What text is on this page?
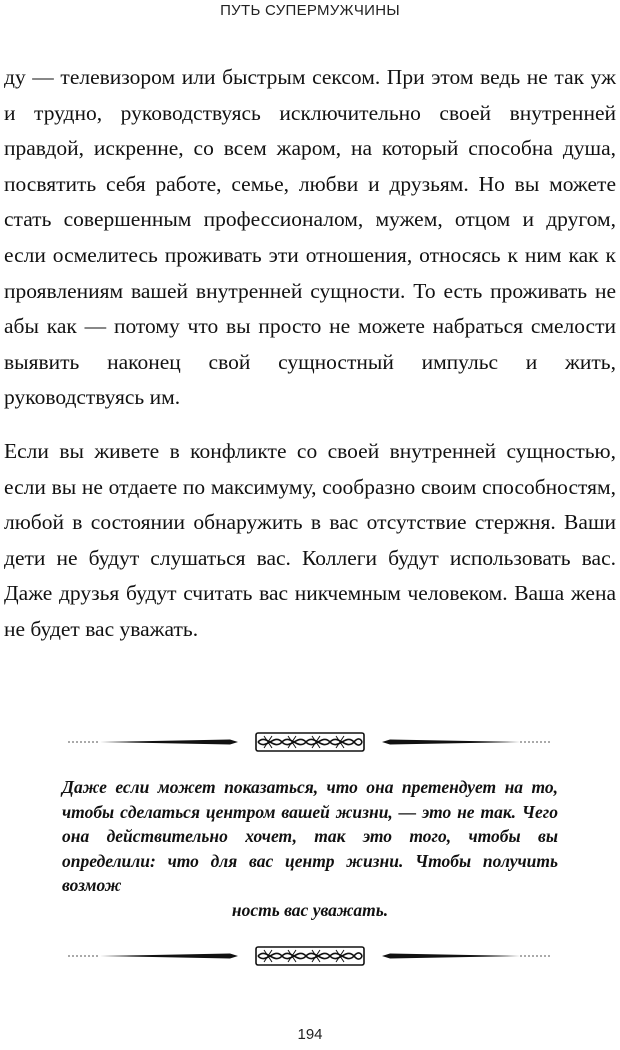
ПУТЬ СУПЕРМУЖЧИНЫ

ду — телевизором или быстрым сексом. При этом ведь не так уж и трудно, руководствуясь исключительно своей внутренней правдой, искренне, со всем жаром, на который способна душа, посвятить себя работе, семье, любви и друзьям. Но вы можете стать совершенным профессионалом, мужем, отцом и другом, если осмелитесь проживать эти отношения, относясь к ним как к проявлениям вашей внутренней сущности. То есть проживать не абы как — потому что вы просто не можете набраться смелости выявить наконец свой сущностный импульс и жить, руководствуясь им.

Если вы живете в конфликте со своей внутренней сущностью, если вы не отдаете по максимуму, сообразно своим способностям, любой в состоянии обнаружить в вас отсутствие стержня. Ваши дети не будут слушаться вас. Коллеги будут использовать вас. Даже друзья будут считать вас никчемным человеком. Ваша жена не будет вас уважать.

Даже если может показаться, что она претендует на то, чтобы сделаться центром вашей жизни, — это не так. Чего она действительно хочет, так это того, чтобы вы определили: что для вас центр жизни. Чтобы получить возмож
ность вас уважать.
194
